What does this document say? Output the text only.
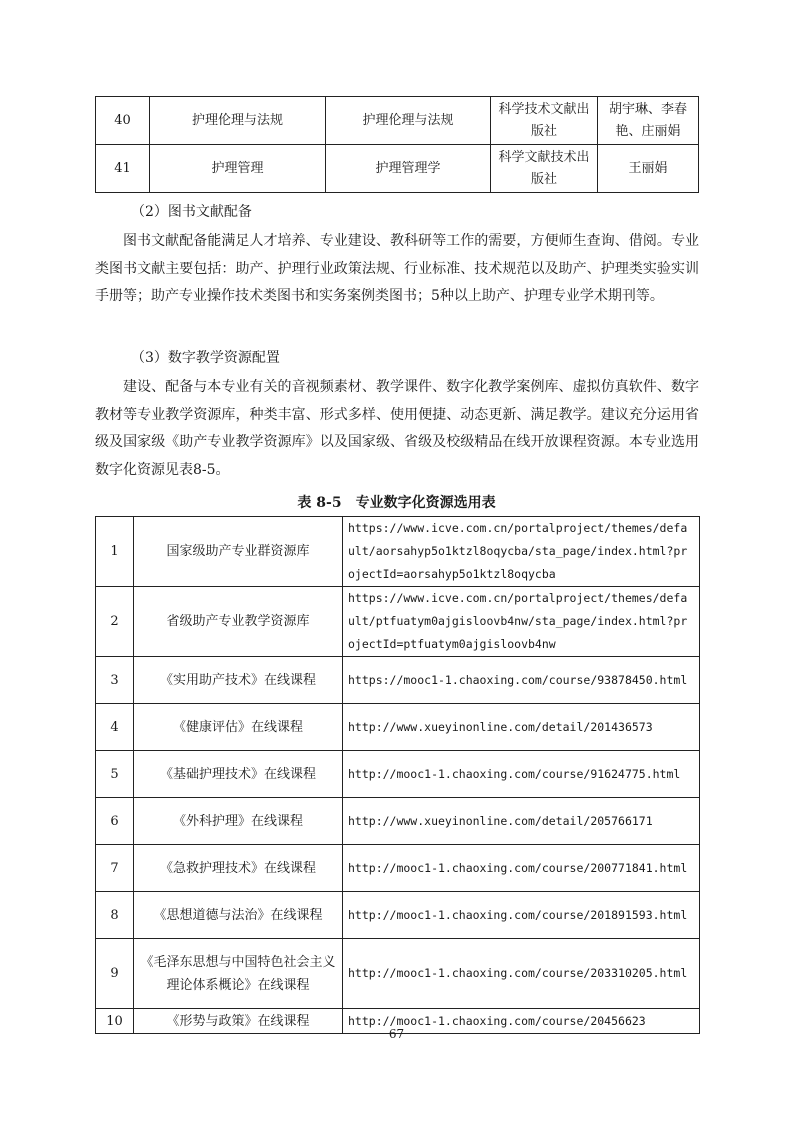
40	护理伦理与法规	护理伦理与法规	科学技术文献出版社	胡宇琳、李春艳、庄丽娟
41	护理管理	护理管理学	科学文献技术出版社	王丽娟
（2）图书文献配备

图书文献配备能满足人才培养、专业建设、教科研等工作的需要，方便师生查询、借阅。专业类图书文献主要包括：助产、护理行业政策法规、行业标准、技术规范以及助产、护理类实验实训手册等；助产专业操作技术类图书和实务案例类图书；5种以上助产、护理专业学术期刊等。

（3）数字教学资源配置

建设、配备与本专业有关的音视频素材、教学课件、数字化教学案例库、虚拟仿真软件、数字教材等专业教学资源库，种类丰富、形式多样、使用便捷、动态更新、满足教学。建议充分运用省级及国家级《助产专业教学资源库》以及国家级、省级及校级精品在线开放课程资源。本专业选用数字化资源见表8-5。

表 8-5　专业数字化资源选用表
1	国家级助产专业群资源库	https://www.icve.com.cn/portalproject/themes/default/aorsahyp5o1ktzl8oqycba/sta_page/index.html?projectId=aorsahyp5o1ktzl8oqycba
2	省级助产专业教学资源库	https://www.icve.com.cn/portalproject/themes/default/ptfuatym0ajgisloovb4nw/sta_page/index.html?projectId=ptfuatym0ajgisloovb4nw
3	《实用助产技术》在线课程	https://mooc1-1.chaoxing.com/course/93878450.html
4	《健康评估》在线课程	http://www.xueyinonline.com/detail/201436573
5	《基础护理技术》在线课程	http://mooc1-1.chaoxing.com/course/91624775.html
6	《外科护理》在线课程	http://www.xueyinonline.com/detail/205766171
7	《急救护理技术》在线课程	http://mooc1-1.chaoxing.com/course/200771841.html
8	《思想道德与法治》在线课程	http://mooc1-1.chaoxing.com/course/201891593.html
9	《毛泽东思想与中国特色社会主义理论体系概论》在线课程	http://mooc1-1.chaoxing.com/course/203310205.html
10	《形势与政策》在线课程	http://mooc1-1.chaoxing.com/course/20456623
67
